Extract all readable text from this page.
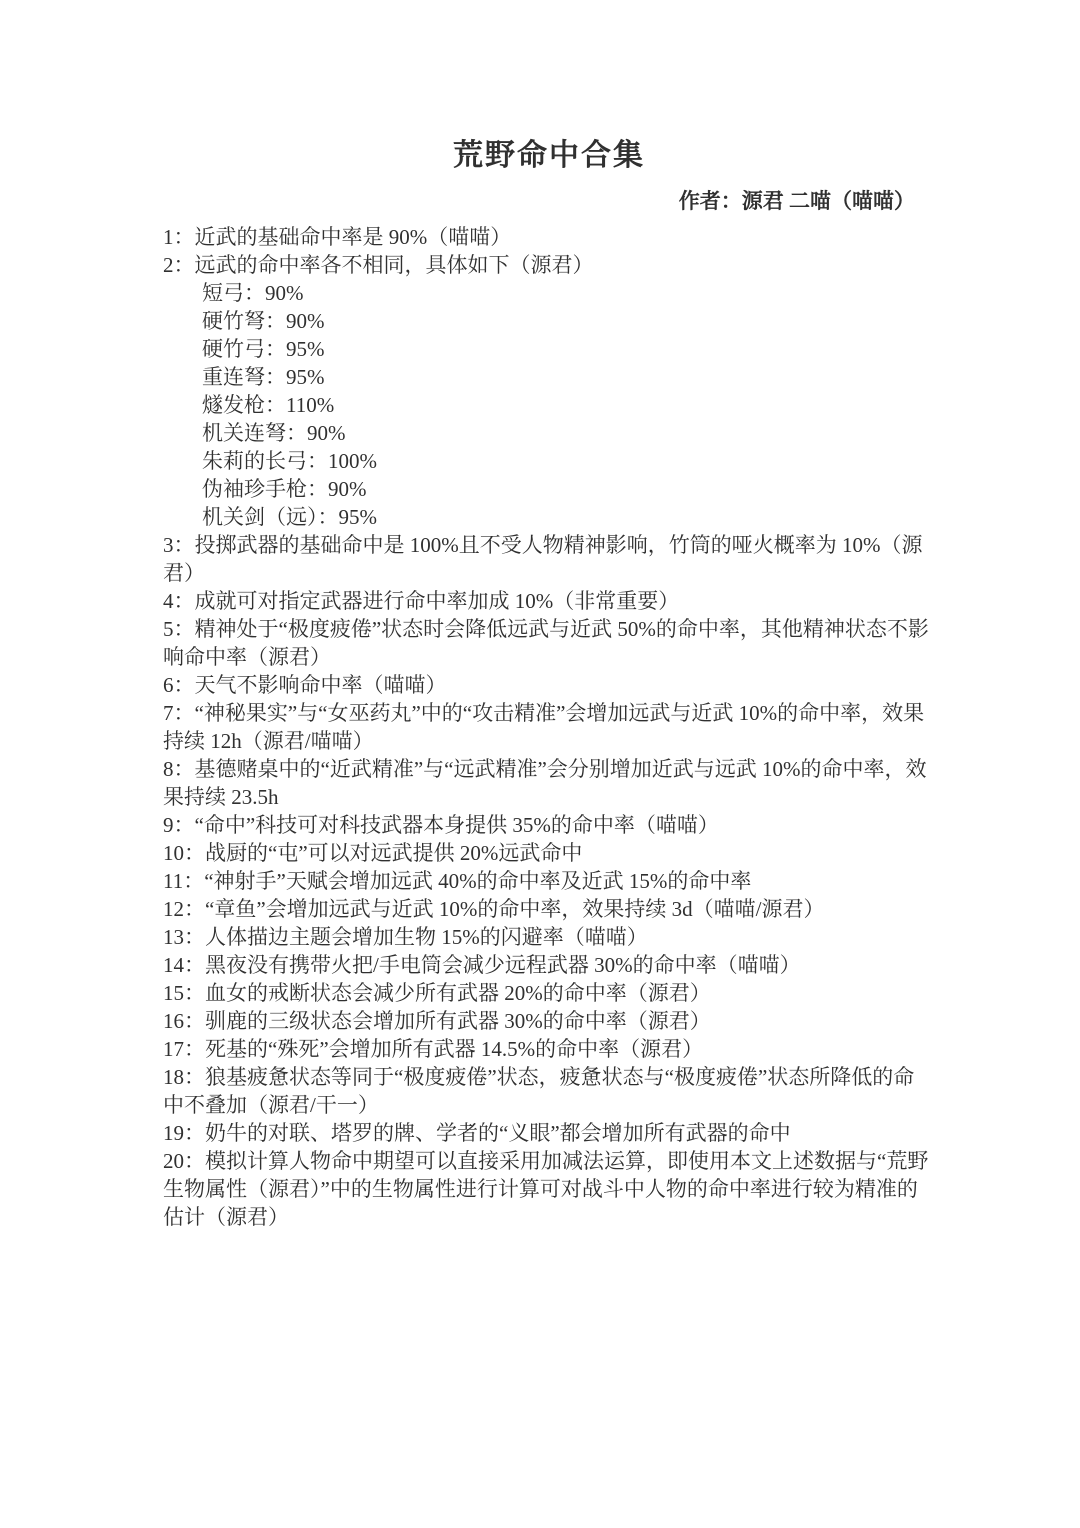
荒野命中合集
作者：源君 二喵（喵喵）

1：近武的基础命中率是 90%（喵喵）

2：远武的命中率各不相同，具体如下（源君）

短弓：90%

硬竹弩：90%

硬竹弓：95%

重连弩：95%

燧发枪：110%

机关连弩：90%

朱莉的长弓：100%

伪袖珍手枪：90%

机关剑（远）：95%

3：投掷武器的基础命中是 100%且不受人物精神影响，竹筒的哑火概率为 10%（源君）

4：成就可对指定武器进行命中率加成 10%（非常重要）

5：精神处于“极度疲倦”状态时会降低远武与近武 50%的命中率，其他精神状态不影响命中率（源君）

6：天气不影响命中率（喵喵）

7：“神秘果实”与“女巫药丸”中的“攻击精准”会增加远武与近武 10%的命中率，效果持续 12h（源君/喵喵）

8：基德赌桌中的“近武精准”与“远武精准”会分别增加近武与远武 10%的命中率，效果持续 23.5h

9：“命中”科技可对科技武器本身提供 35%的命中率（喵喵）

10：战厨的“屯”可以对远武提供 20%远武命中

11：“神射手”天赋会增加远武 40%的命中率及近武 15%的命中率

12：“章鱼”会增加远武与近武 10%的命中率，效果持续 3d（喵喵/源君）

13：人体描边主题会增加生物 15%的闪避率（喵喵）

14：黑夜没有携带火把/手电筒会减少远程武器 30%的命中率（喵喵）

15：血女的戒断状态会减少所有武器 20%的命中率（源君）

16：驯鹿的三级状态会增加所有武器 30%的命中率（源君）

17：死基的“殊死”会增加所有武器 14.5%的命中率（源君）

18：狼基疲惫状态等同于“极度疲倦”状态，疲惫状态与“极度疲倦”状态所降低的命中不叠加（源君/干一）

19：奶牛的对联、塔罗的牌、学者的“义眼”都会增加所有武器的命中

20：模拟计算人物命中期望可以直接采用加减法运算，即使用本文上述数据与“荒野生物属性（源君）”中的生物属性进行计算可对战斗中人物的命中率进行较为精准的估计（源君）
